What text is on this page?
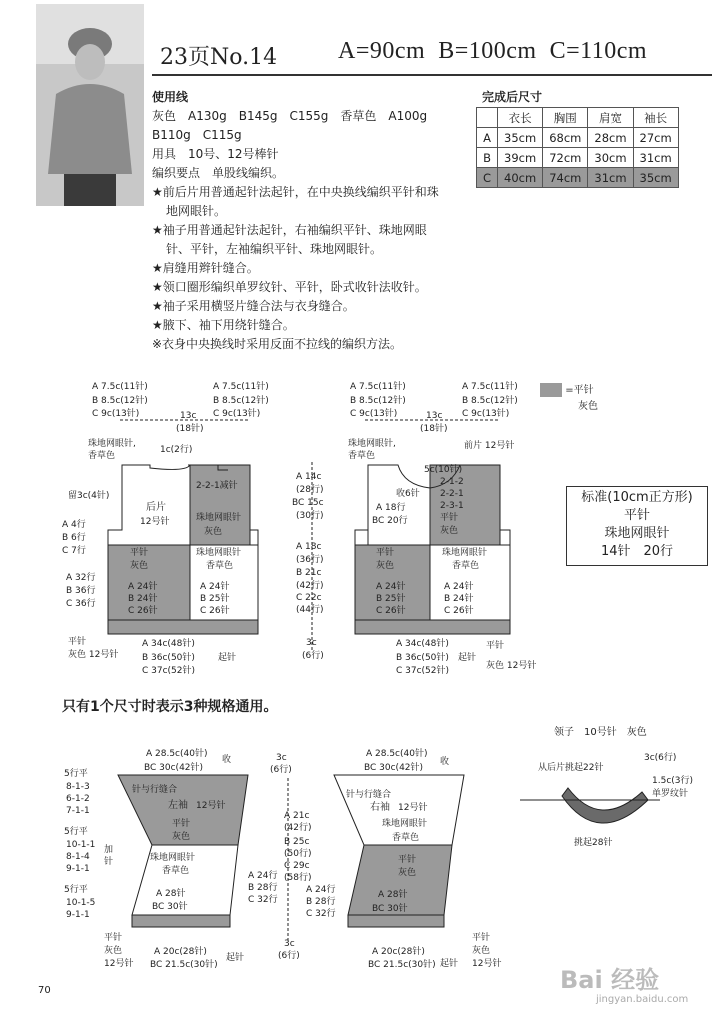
23页No.14	A=90cm B=100cm C=110cm
使用线
灰色　A130g　B145g　C155g　香草色　A100g
B110g　C115g
用具　10号、12号棒针
编织要点　单股线编织。
★前后片用普通起针法起针，在中央换线编织平针和珠
地网眼针。
★袖子用普通起针法起针，右袖编织平针、珠地网眼
针、平针，左袖编织平针、珠地网眼针。
★肩缝用辫针缝合。
★领口圈形编织单罗纹针、平针，卧式收针法收针。
★袖子采用横竖片缝合法与衣身缝合。
★腋下、袖下用绕针缝合。
※衣身中央换线时采用反面不拉线的编织方法。
完成后尺寸
	衣长	胸围	肩宽	袖长
A	35cm	68cm	28cm	27cm
B	39cm	72cm	30cm	31cm
C	40cm	74cm	31cm	35cm
=平针
灰色
标准(10cm正方形)
平针
珠地网眼针
14针　20行
A 7.5c(11针)
B 8.5c(12针)
C 9c(13针)
A 7.5c(11针)
B 8.5c(12针)
C 9c(13针)
13c
(18针)
1c(2行)
珠地网眼针,
香草色
留3c(4针)
后片
12号针
2-2-1减针
珠地网眼针
灰色
平针
灰色
珠地网眼针
香草色
A 4行
B 6行
C 7行
A 32行
B 36行
C 36行
A 24针
B 24针
C 26针
A 24针
B 25针
C 26针
平针
灰色 12号针
A 34c(48针)
B 36c(50针)
C 37c(52针)
起针
A 14c
(28行)
BC 15c
(30行)
A 18c
(36行)
B 21c
(42行)
C 22c
(44行)
3c
(6行)
A 7.5c(11针)
B 8.5c(12针)
C 9c(13针)
A 7.5c(11针)
B 8.5c(12针)
C 9c(13针)
13c
(18针)
珠地网眼针,
香草色
前片 12号针
5c(10针)
收6针
2-1-2
2-2-1
2-3-1
A 18行
BC 20行	平针
灰色
平针
灰色
珠地网眼针
香草色
A 24针
B 25针
C 26针
A 24针
B 24针
C 26针
A 34c(48针)
B 36c(50针)
C 37c(52针)
起针
平针
灰色 12号针
A 28.5c(40针)
BC 30c(42针)
收
针与行缝合
左袖 12号针
平针
灰色
珠地网眼针
香草色
5行平
8-1-3
6-1-2
7-1-1
5行平
10-1-1
8-1-4
9-1-1
5行平
10-1-5
9-1-1
加
针
A 24行
B 28行
C 32行
A 28针
BC 30针
平针
灰色
12号针
A 20c(28针)
BC 21.5c(30针)
起针
3c
(6行)
A 21c
(42行)
B 25c
(50行)
C 29c
(58行)
3c
(6行)
A 28.5c(40针)
BC 30c(42针)
收
针与行缝合
右袖 12号针
珠地网眼针
香草色
平针
灰色
A 24行
B 28行
C 32行
A 28针
BC 30针
平针
灰色
12号针
A 20c(28针)
BC 21.5c(30针) 起针
领子　10号针　灰色
从后片挑起22针
3c(6行)
1.5c(3行)
单罗纹针
挑起28针
只有1个尺寸时表示3种规格通用。
70	Bai 经验
jingyan.baidu.com
